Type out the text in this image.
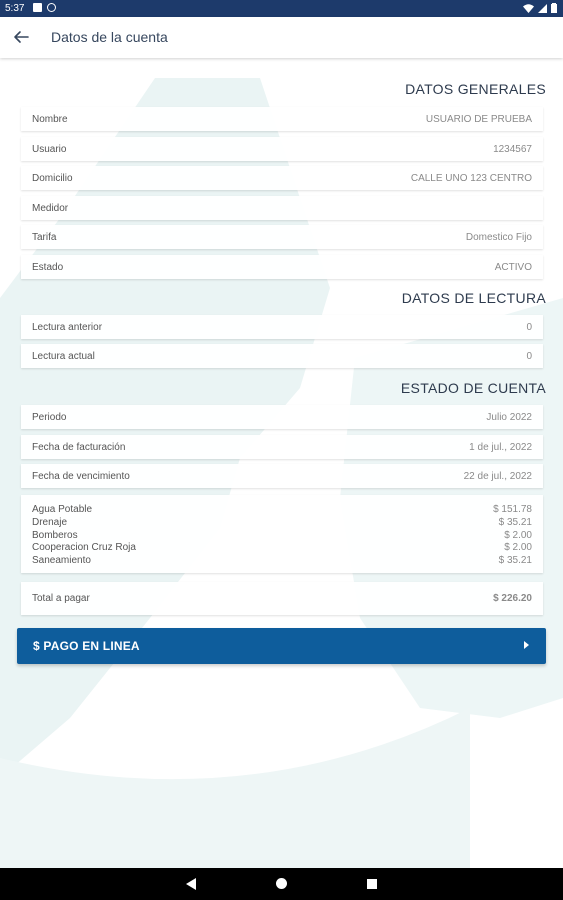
5:37
Datos de la cuenta
DATOS GENERALES
Nombre	USUARIO DE PRUEBA
Usuario	1234567
Domicilio	CALLE UNO 123 CENTRO
Medidor
Tarifa	Domestico Fijo
Estado	ACTIVO
DATOS DE LECTURA
Lectura anterior	0
Lectura actual	0
ESTADO DE CUENTA
Periodo	Julio 2022
Fecha de facturación	1 de jul., 2022
Fecha de vencimiento	22 de jul., 2022
Agua Potable	$ 151.78
Drenaje	$ 35.21
Bomberos	$ 2.00
Cooperacion Cruz Roja	$ 2.00
Saneamiento	$ 35.21
Total a pagar	$ 226.20
$ PAGO EN LINEA
